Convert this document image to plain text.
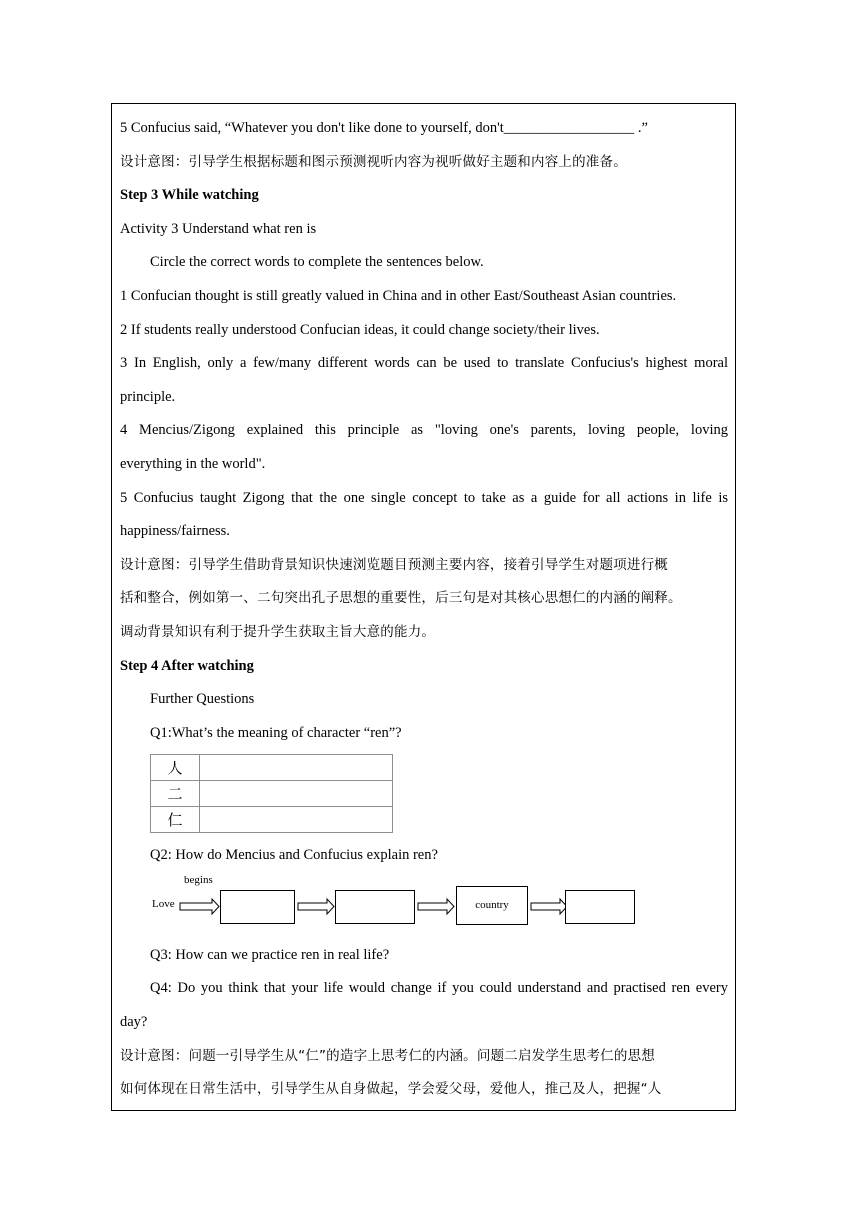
5 Confucius said, “Whatever you don't like done to yourself, don't__________________ .”
设计意图：引导学生根据标题和图示预测视听内容为视听做好主题和内容上的准备。
Step 3 While watching
Activity 3 Understand what ren is
Circle the correct words to complete the sentences below.
1 Confucian thought is still greatly valued in China and in other East/Southeast Asian countries.
2 If students really understood Confucian ideas, it could change society/their lives.
3 In English, only a few/many different words can be used to translate Confucius's highest moral
principle.
4 Mencius/Zigong explained this principle as "loving one's parents, loving people, loving
everything in the world".
5 Confucius taught Zigong that the one single concept to take as a guide for all actions in life is
happiness/fairness.
设计意图：引导学生借助背景知识快速浏览题目预测主要内容，接着引导学生对题项进行概
括和整合，例如第一、二句突出孔子思想的重要性，后三句是对其核心思想仁的内涵的阐释。
调动背景知识有利于提升学生获取主旨大意的能力。
Step 4 After watching
Further Questions
Q1:What’s the meaning of character “ren”?
人	
二	
仁	
Q2: How do Mencius and Confucius explain ren?
begins
Love	country
Q3: How can we practice ren in real life?
Q4: Do you think that your life would change if you could understand and practised ren every
day?
设计意图：问题一引导学生从“仁”的造字上思考仁的内涵。问题二启发学生思考仁的思想
如何体现在日常生活中，引导学生从自身做起，学会爱父母，爱他人，推己及人，把握“人
